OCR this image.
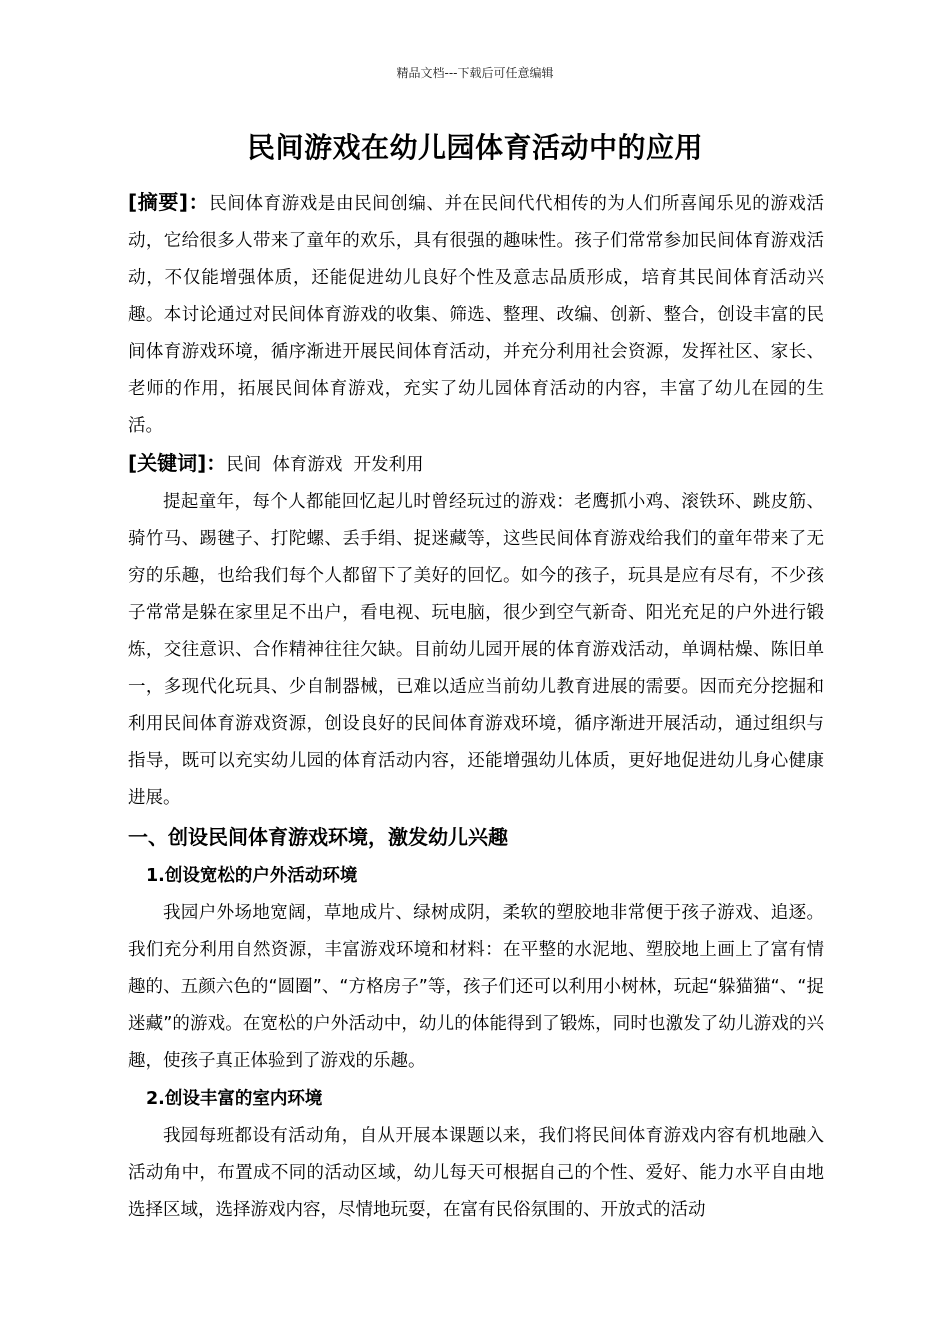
精品文档---下载后可任意编辑
民间游戏在幼儿园体育活动中的应用

[摘要]：民间体育游戏是由民间创编、并在民间代代相传的为人们所喜闻乐见的游戏活动，它给很多人带来了童年的欢乐，具有很强的趣味性。孩子们常常参加民间体育游戏活动，不仅能增强体质，还能促进幼儿良好个性及意志品质形成，培育其民间体育活动兴趣。本讨论通过对民间体育游戏的收集、筛选、整理、改编、创新、整合，创设丰富的民间体育游戏环境，循序渐进开展民间体育活动，并充分利用社会资源，发挥社区、家长、老师的作用，拓展民间体育游戏，充实了幼儿园体育活动的内容，丰富了幼儿在园的生活。

[关键词]：民间  体育游戏  开发利用

提起童年，每个人都能回忆起儿时曾经玩过的游戏：老鹰抓小鸡、滚铁环、跳皮筋、骑竹马、踢毽子、打陀螺、丢手绢、捉迷藏等，这些民间体育游戏给我们的童年带来了无穷的乐趣，也给我们每个人都留下了美好的回忆。如今的孩子，玩具是应有尽有，不少孩子常常是躲在家里足不出户，看电视、玩电脑，很少到空气新奇、阳光充足的户外进行锻炼，交往意识、合作精神往往欠缺。目前幼儿园开展的体育游戏活动，单调枯燥、陈旧单一，多现代化玩具、少自制器械，已难以适应当前幼儿教育进展的需要。因而充分挖掘和利用民间体育游戏资源，创设良好的民间体育游戏环境，循序渐进开展活动，通过组织与指导，既可以充实幼儿园的体育活动内容，还能增强幼儿体质，更好地促进幼儿身心健康进展。

一、创设民间体育游戏环境，激发幼儿兴趣

1.创设宽松的户外活动环境

我园户外场地宽阔，草地成片、绿树成阴，柔软的塑胶地非常便于孩子游戏、追逐。我们充分利用自然资源，丰富游戏环境和材料：在平整的水泥地、塑胶地上画上了富有情趣的、五颜六色的“圆圈”、“方格房子”等，孩子们还可以利用小树林，玩起“躲猫猫“、“捉迷藏”的游戏。在宽松的户外活动中，幼儿的体能得到了锻炼，同时也激发了幼儿游戏的兴趣，使孩子真正体验到了游戏的乐趣。

2.创设丰富的室内环境

我园每班都设有活动角，自从开展本课题以来，我们将民间体育游戏内容有机地融入活动角中，布置成不同的活动区域，幼儿每天可根据自己的个性、爱好、能力水平自由地选择区域，选择游戏内容，尽情地玩耍，在富有民俗氛围的、开放式的活动
